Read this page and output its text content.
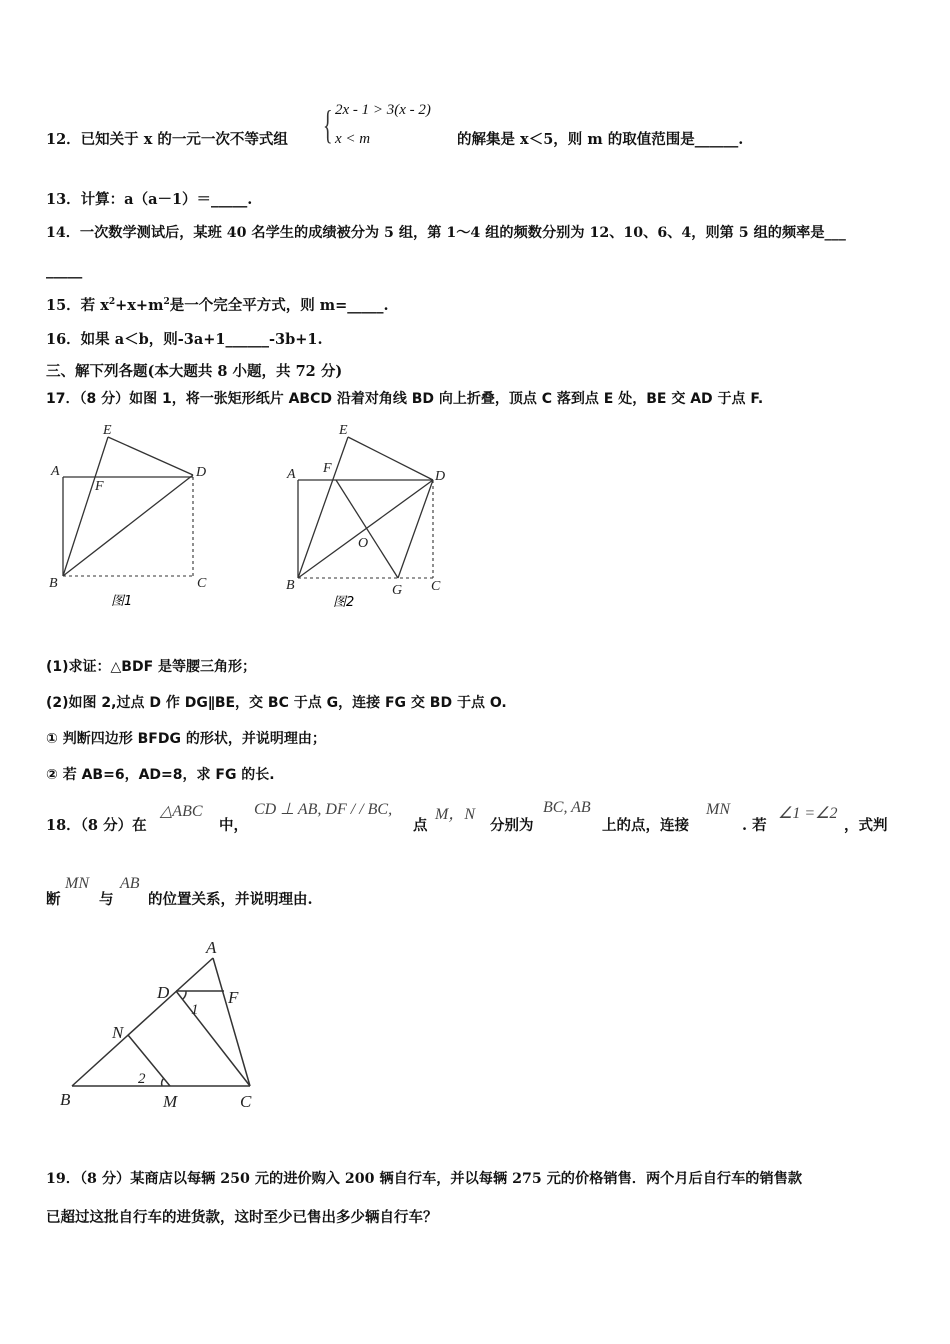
12．已知关于 x 的一元一次不等式组 { 2x - 1 > 3(x - 2)
x < m	的解集是 x＜5，则 m 的取值范围是______.
13．计算：a（a－1）＝_____.
14．一次数学测试后，某班 40 名学生的成绩被分为 5 组，第 1～4 组的频数分别为 12、10、6、4，则第 5 组的频率是___
_____
15．若 $x^2+x+m^2$是一个完全平方式，则 m=_____.
16．如果 a＜b，则-3a+1______-3b+1.
三、解下列各题(本大题共 8 小题，共 72 分)
17．（8 分）如图 1，将一张矩形纸片 ABCD 沿着对角线 BD 向上折叠，顶点 C 落到点 E 处，BE 交 AD 于点 F.
E
A
F
D
B	C
图1
E
A F
D
O
B	G C
图2
(1)求证：△BDF 是等腰三角形；
(2)如图 2,过点 D 作 DG∥BE，交 BC 于点 G，连接 FG 交 BD 于点 O.
① 判断四边形 BFDG 的形状，并说明理由；
② 若 AB=6，AD=8，求 FG 的长.
18．（8 分）在
△ABC
中，
CD ⊥ AB, DF / / BC,
点
M，N
分别为
BC, AB
上的点，连接
MN
. 若
∠1 =∠2
，式判
断
MN
与
AB
的位置关系，并说明理由.
A
D	F
1
N
2
B	M	C
19．（8 分）某商店以每辆 250 元的进价购入 200 辆自行车，并以每辆 275 元的价格销售．两个月后自行车的销售款
已超过这批自行车的进货款，这时至少已售出多少辆自行车？
